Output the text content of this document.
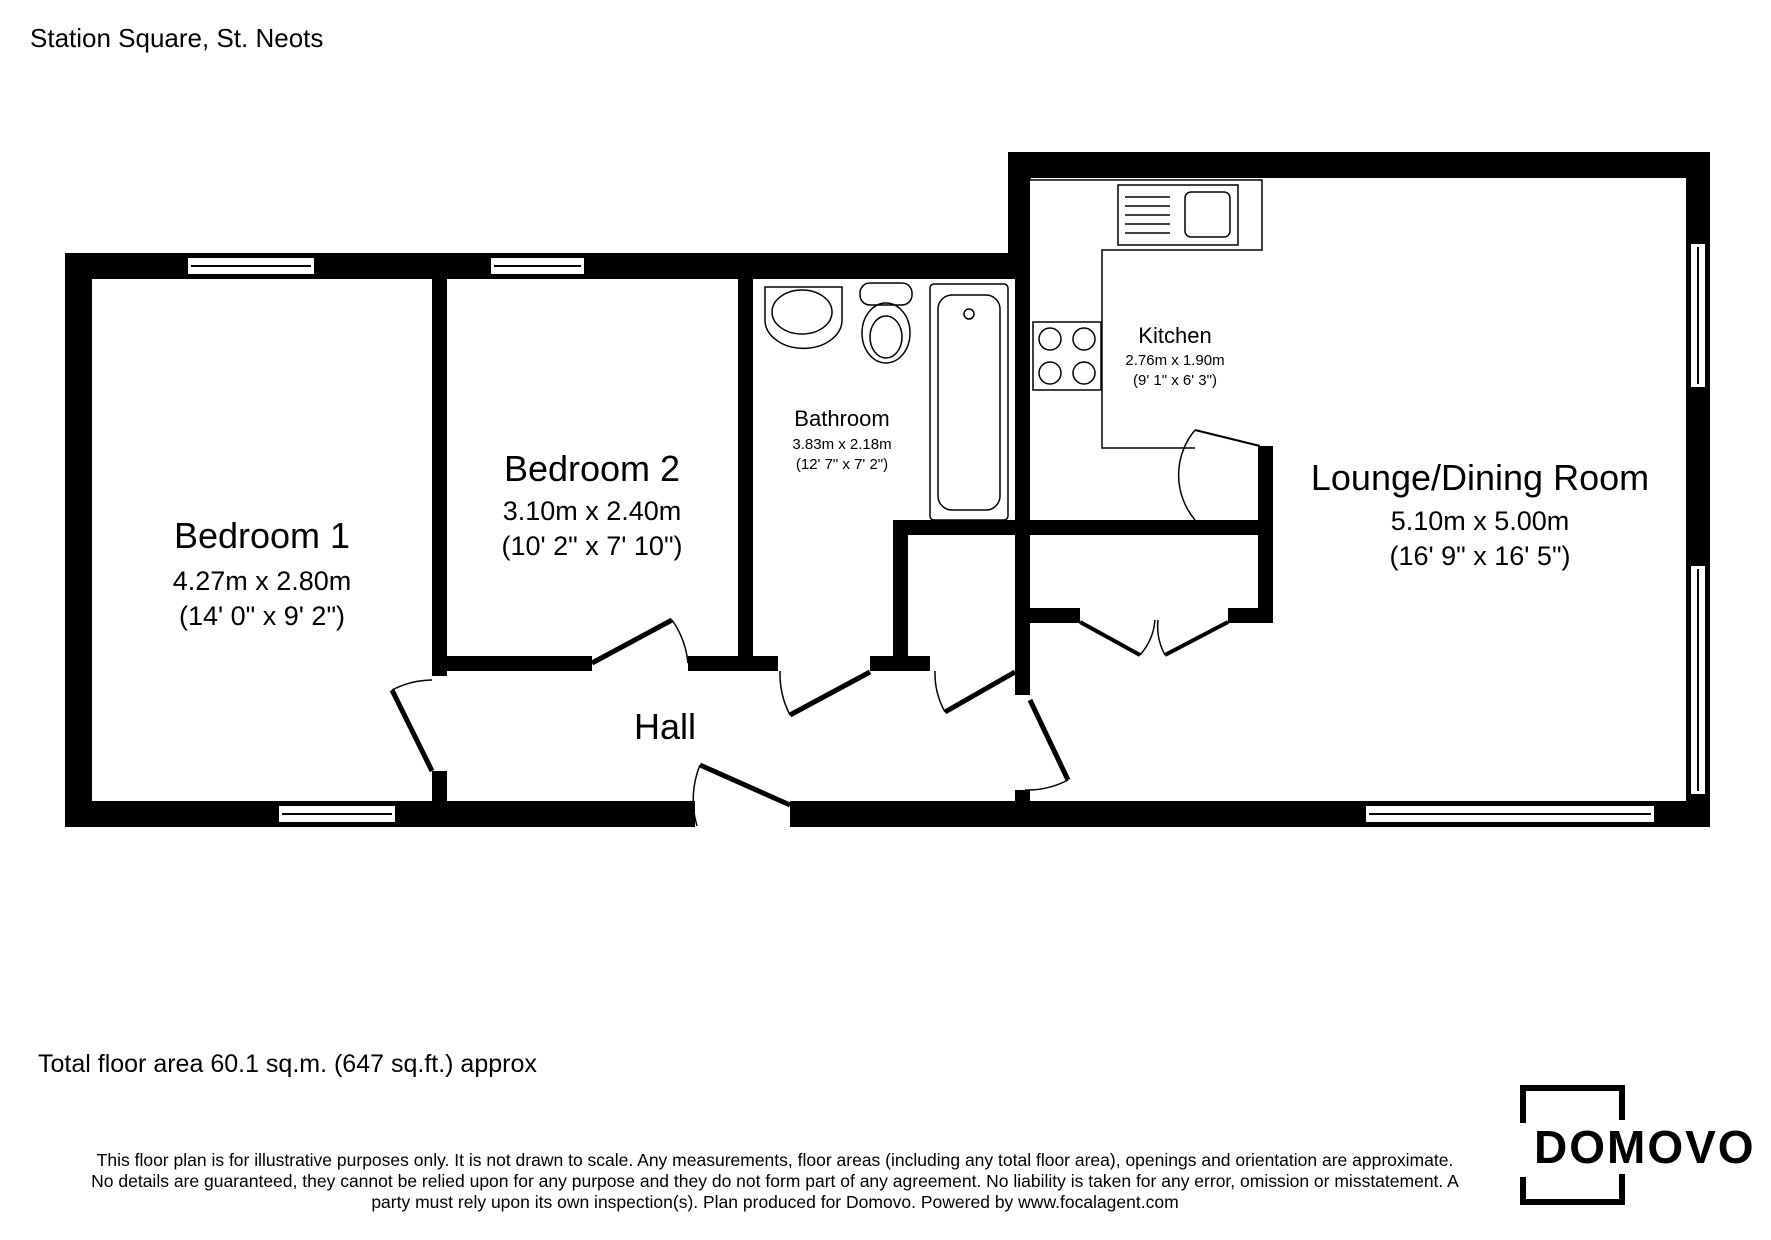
Station Square, St. Neots
Bedroom 1
4.27m x 2.80m
(14' 0" x 9' 2")
Bedroom 2
3.10m x 2.40m
(10' 2" x 7' 10")
Bathroom
3.83m x 2.18m
(12' 7" x 7' 2")
Kitchen
2.76m x 1.90m
(9' 1" x 6' 3")
Lounge/Dining Room
5.10m x 5.00m
(16' 9" x 16' 5")
Hall
Total floor area 60.1 sq.m. (647 sq.ft.) approx
This floor plan is for illustrative purposes only. It is not drawn to scale. Any measurements, floor areas (including any total floor area), openings and orientation are approximate.
No details are guaranteed, they cannot be relied upon for any purpose and they do not form part of any agreement. No liability is taken for any error, omission or misstatement. A
party must rely upon its own inspection(s). Plan produced for Domovo. Powered by www.focalagent.com
DOMOVO
